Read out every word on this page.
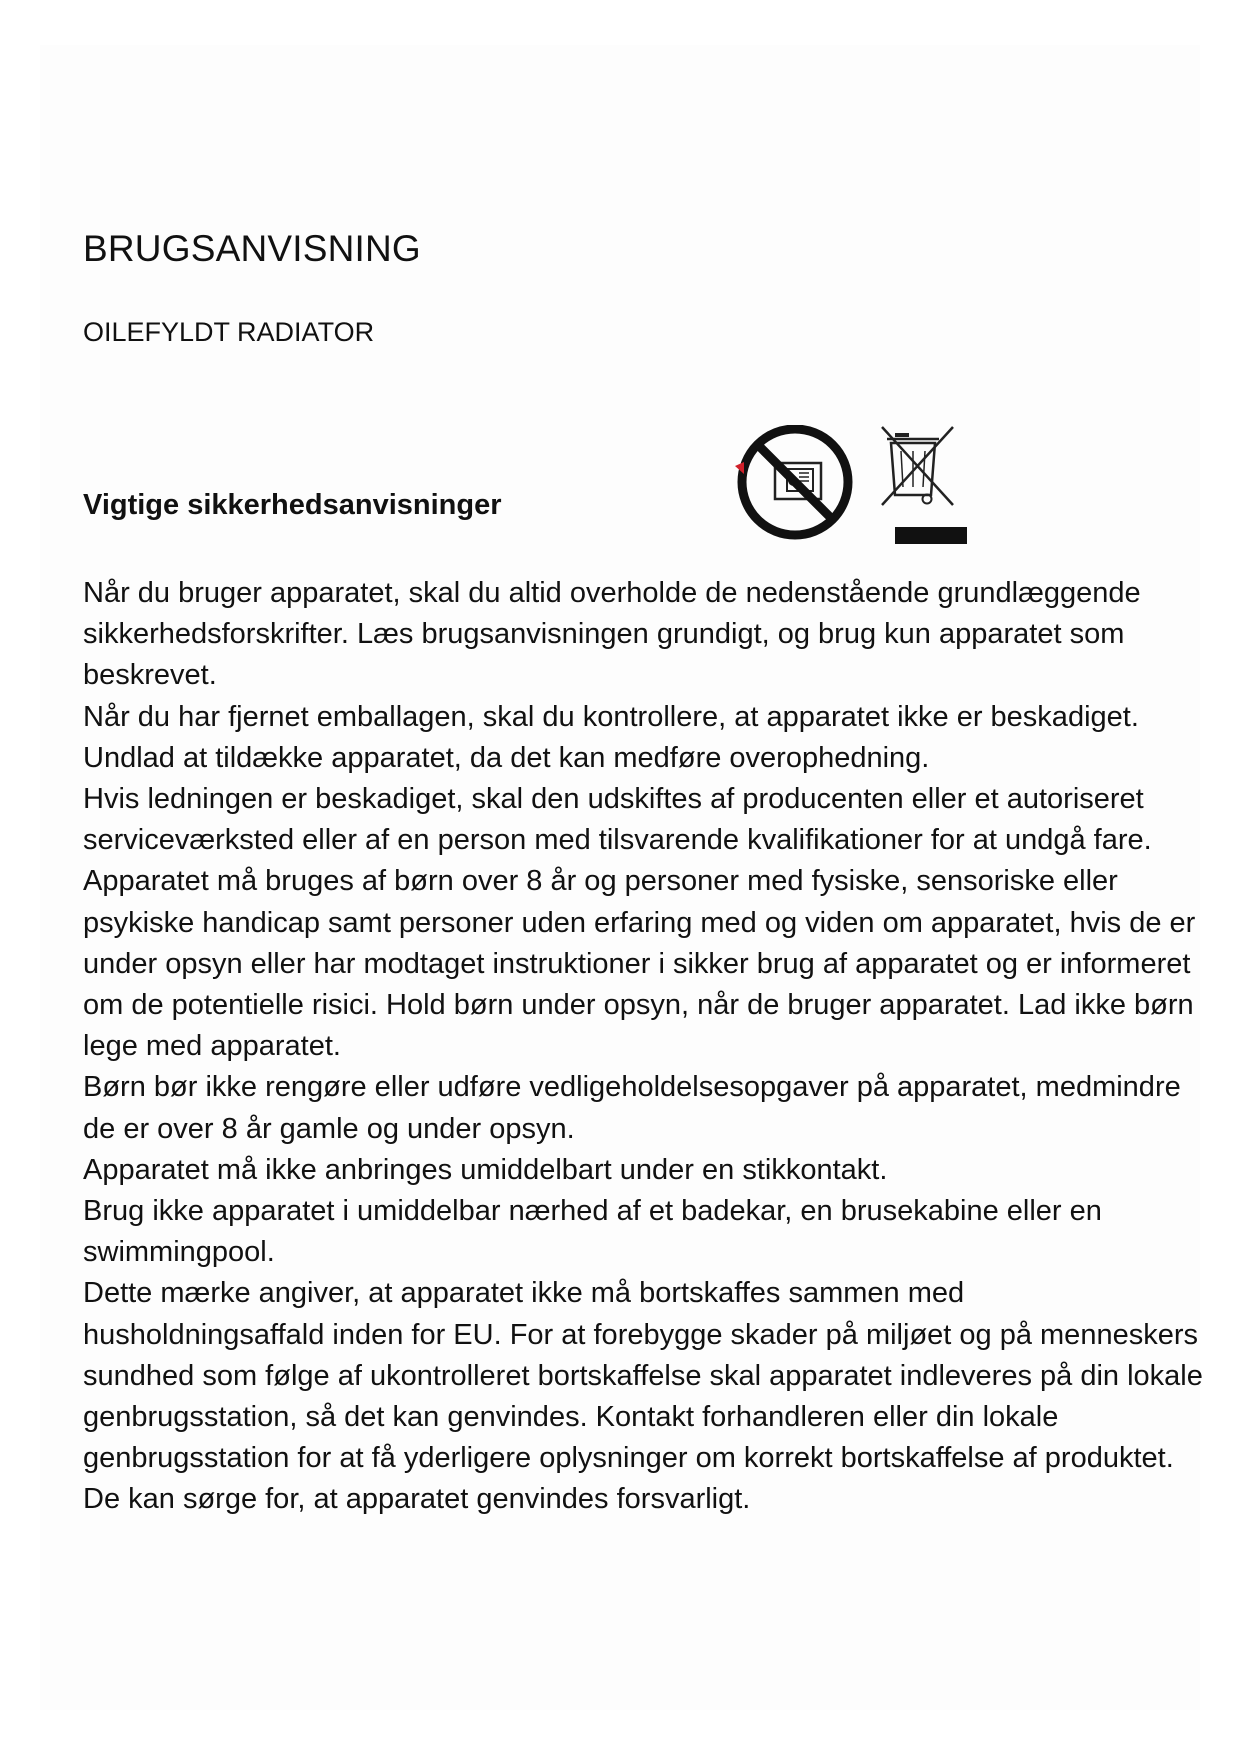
BRUGSANVISNING
OILEFYLDT RADIATOR
Vigtige sikkerhedsanvisninger

Når du bruger apparatet, skal du altid overholde de nedenstående grundlæggende sikkerhedsforskrifter. Læs brugsanvisningen grundigt, og brug kun apparatet som beskrevet.

Når du har fjernet emballagen, skal du kontrollere, at apparatet ikke er beskadiget.

Undlad at tildække apparatet, da det kan medføre overophedning.

Hvis ledningen er beskadiget, skal den udskiftes af producenten eller et autoriseret serviceværksted eller af en person med tilsvarende kvalifikationer for at undgå fare.

Apparatet må bruges af børn over 8 år og personer med fysiske, sensoriske eller psykiske handicap samt personer uden erfaring med og viden om apparatet, hvis de er under opsyn eller har modtaget instruktioner i sikker brug af apparatet og er informeret om de potentielle risici. Hold børn under opsyn, når de bruger apparatet. Lad ikke børn lege med apparatet.

Børn bør ikke rengøre eller udføre vedligeholdelsesopgaver på apparatet, medmindre de er over 8 år gamle og under opsyn.

Apparatet må ikke anbringes umiddelbart under en stikkontakt.

Brug ikke apparatet i umiddelbar nærhed af et badekar, en brusekabine eller en swimmingpool.

Dette mærke angiver, at apparatet ikke må bortskaffes sammen med husholdningsaffald inden for EU. For at forebygge skader på miljøet og på menneskers sundhed som følge af ukontrolleret bortskaffelse skal apparatet indleveres på din lokale genbrugsstation, så det kan genvindes. Kontakt forhandleren eller din lokale genbrugsstation for at få yderligere oplysninger om korrekt bortskaffelse af produktet. De kan sørge for, at apparatet genvindes forsvarligt.
